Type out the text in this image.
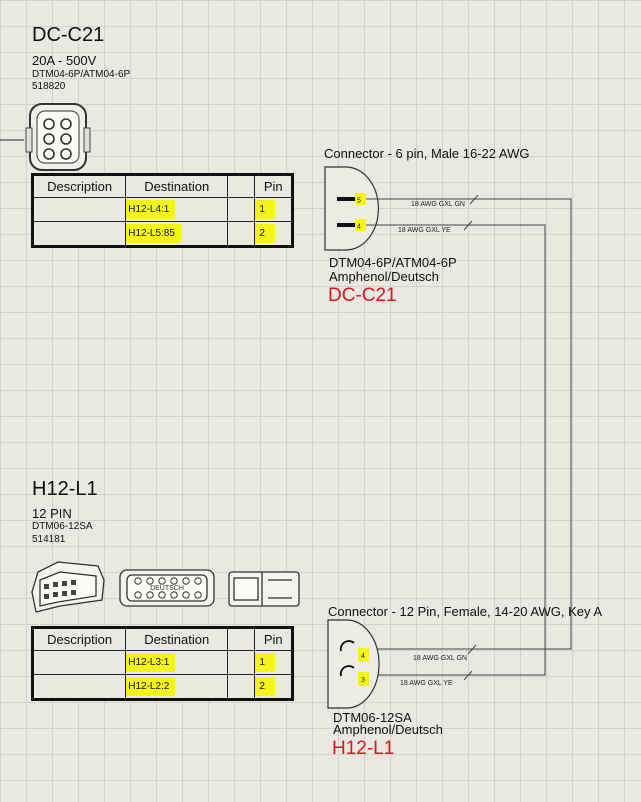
DC-C21
20A - 500V
DTM04-6P/ATM04-6P
518820
Description	Destination		Pin
	H12-L4:1		1
	H12-L5:85		2
H12-L1
12 PIN
DTM06-12SA
514181
DEUTSCH
Description	Destination		Pin
	H12-L3:1		1
	H12-L2:2		2
Connector - 6 pin, Male 16-22 AWG
Connector - 12 Pin, Female, 14-20 AWG, Key A
5
4
18 AWG GXL GN
18 AWG GXL YE
18 AWG GXL GN
18 AWG GXL YE
4
3
DTM04-6P/ATM04-6P
Amphenol/Deutsch
DC-C21
DTM06-12SA
Amphenol/Deutsch
H12-L1
